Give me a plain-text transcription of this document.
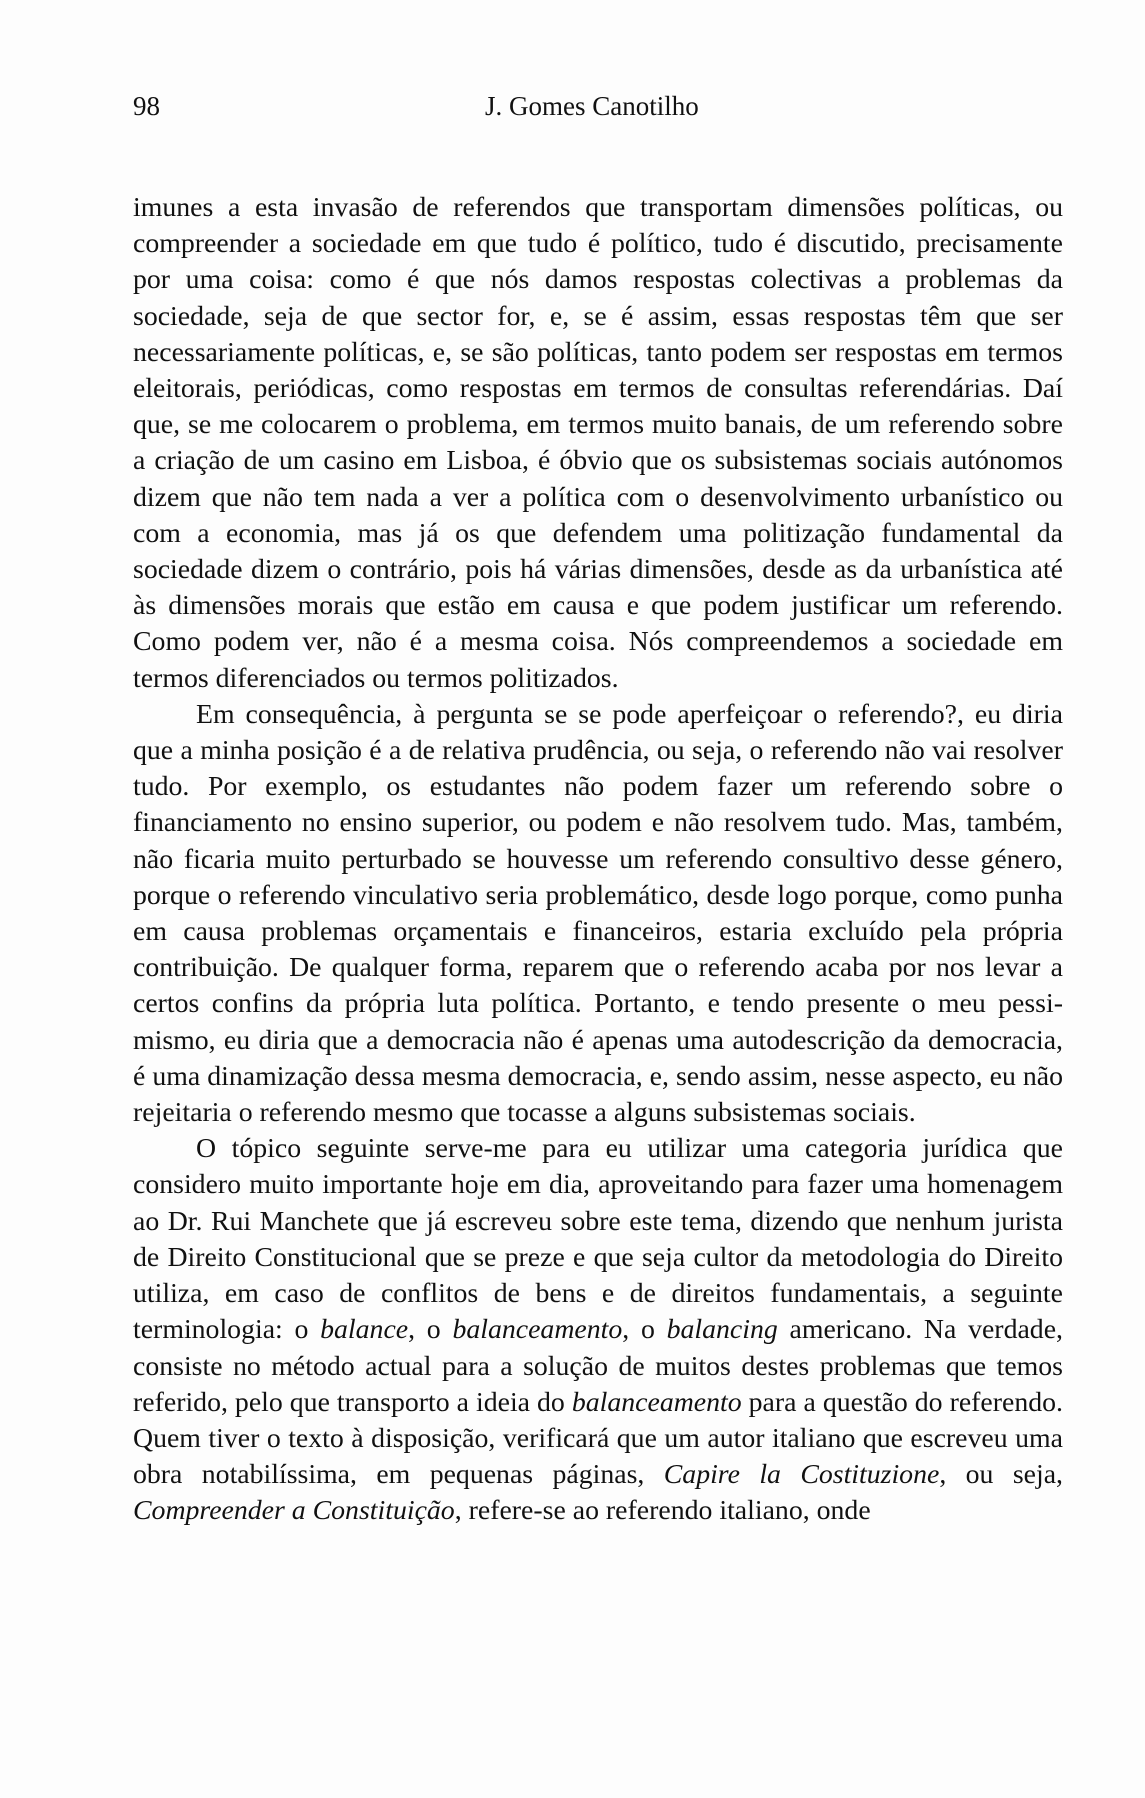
98	J. Gomes Canotilho

imunes a esta invasão de referendos que transportam dimensões políticas, ou compreender a sociedade em que tudo é político, tudo é discutido, precisamente por uma coisa: como é que nós damos respostas colectivas a problemas da sociedade, seja de que sector for, e, se é assim, essas respostas têm que ser necessariamente políticas, e, se são políticas, tanto podem ser respostas em termos eleitorais, periódicas, como respostas em termos de consultas referendárias. Daí que, se me colocarem o problema, em termos muito banais, de um referendo sobre a criação de um casino em Lisboa, é óbvio que os subsistemas sociais autónomos dizem que não tem nada a ver a política com o desenvolvimento urbanístico ou com a economia, mas já os que defendem uma politização fundamental da sociedade dizem o contrário, pois há várias dimensões, desde as da urbanística até às dimensões morais que estão em causa e que podem justificar um referendo. Como podem ver, não é a mesma coisa. Nós compreendemos a sociedade em termos diferenciados ou termos politizados.

Em consequência, à pergunta se se pode aperfeiçoar o referendo?, eu diria que a minha posição é a de relativa prudência, ou seja, o referendo não vai resolver tudo. Por exemplo, os estudantes não podem fazer um referendo sobre o financiamento no ensino superior, ou podem e não resolvem tudo. Mas, também, não ficaria muito perturbado se houvesse um referendo consultivo desse género, porque o referendo vinculativo seria problemático, desde logo porque, como punha em causa problemas orçamentais e financeiros, estaria excluído pela própria contribuição. De qualquer forma, reparem que o referendo acaba por nos levar a certos confins da própria luta política. Portanto, e tendo presente o meu pessimismo, eu diria que a democracia não é apenas uma autodescrição da democracia, é uma dinamização dessa mesma democracia, e, sendo assim, nesse aspecto, eu não rejeitaria o referendo mesmo que tocasse a alguns subsistemas sociais.

O tópico seguinte serve-me para eu utilizar uma categoria jurídica que considero muito importante hoje em dia, aproveitando para fazer uma homenagem ao Dr. Rui Manchete que já escreveu sobre este tema, dizendo que nenhum jurista de Direito Constitucional que se preze e que seja cultor da metodologia do Direito utiliza, em caso de conflitos de bens e de direitos fundamentais, a seguinte terminologia: o balance, o balanceamento, o balancing americano. Na verdade, consiste no método actual para a solução de muitos destes problemas que temos referido, pelo que transporto a ideia do balanceamento para a questão do referendo. Quem tiver o texto à disposição, verificará que um autor italiano que escreveu uma obra notabilíssima, em pequenas páginas, Capire la Costituzione, ou seja, Compreender a Constituição, refere-se ao referendo italiano, onde
